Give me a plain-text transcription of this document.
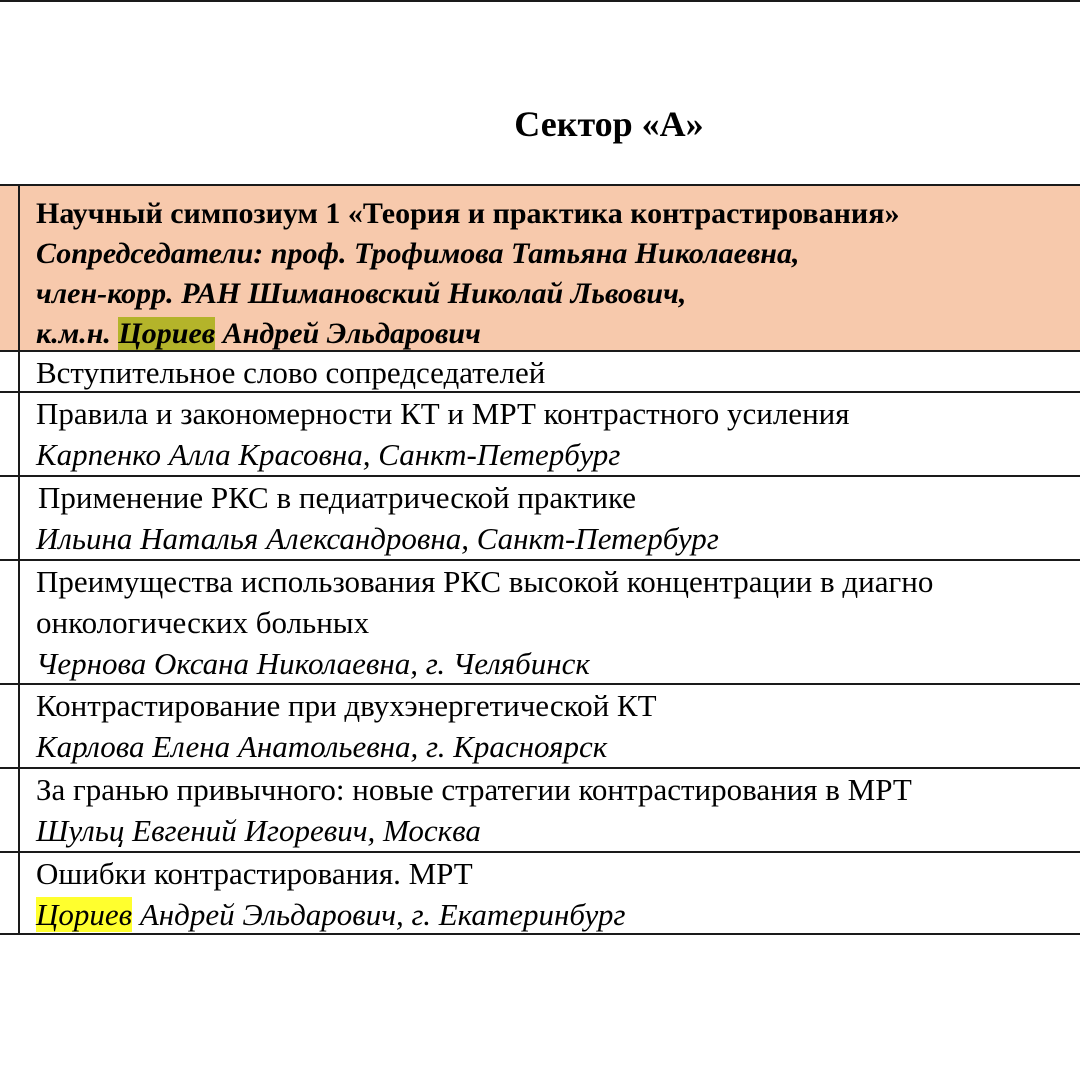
Сектор «А»
Научный симпозиум 1 «Теория и практика контрастирования»
Сопредседатели: проф. Трофимова Татьяна Николаевна,
член-корр. РАН Шимановский Николай Львович,
к.м.н. Цориев Андрей Эльдарович
Вступительное слово сопредседателей
Правила и закономерности КТ и МРТ контрастного усиления
Карпенко Алла Красовна, Санкт-Петербург
Применение РКС в педиатрической практике
Ильина Наталья Александровна, Санкт-Петербург
Преимущества использования РКС высокой концентрации в диагно
онкологических больных
Чернова Оксана Николаевна, г. Челябинск
Контрастирование при двухэнергетической КТ
Карлова Елена Анатольевна, г. Красноярск
За гранью привычного: новые стратегии контрастирования в МРТ
Шульц Евгений Игоревич, Москва
Ошибки контрастирования. МРТ
Цориев Андрей Эльдарович, г. Екатеринбург
